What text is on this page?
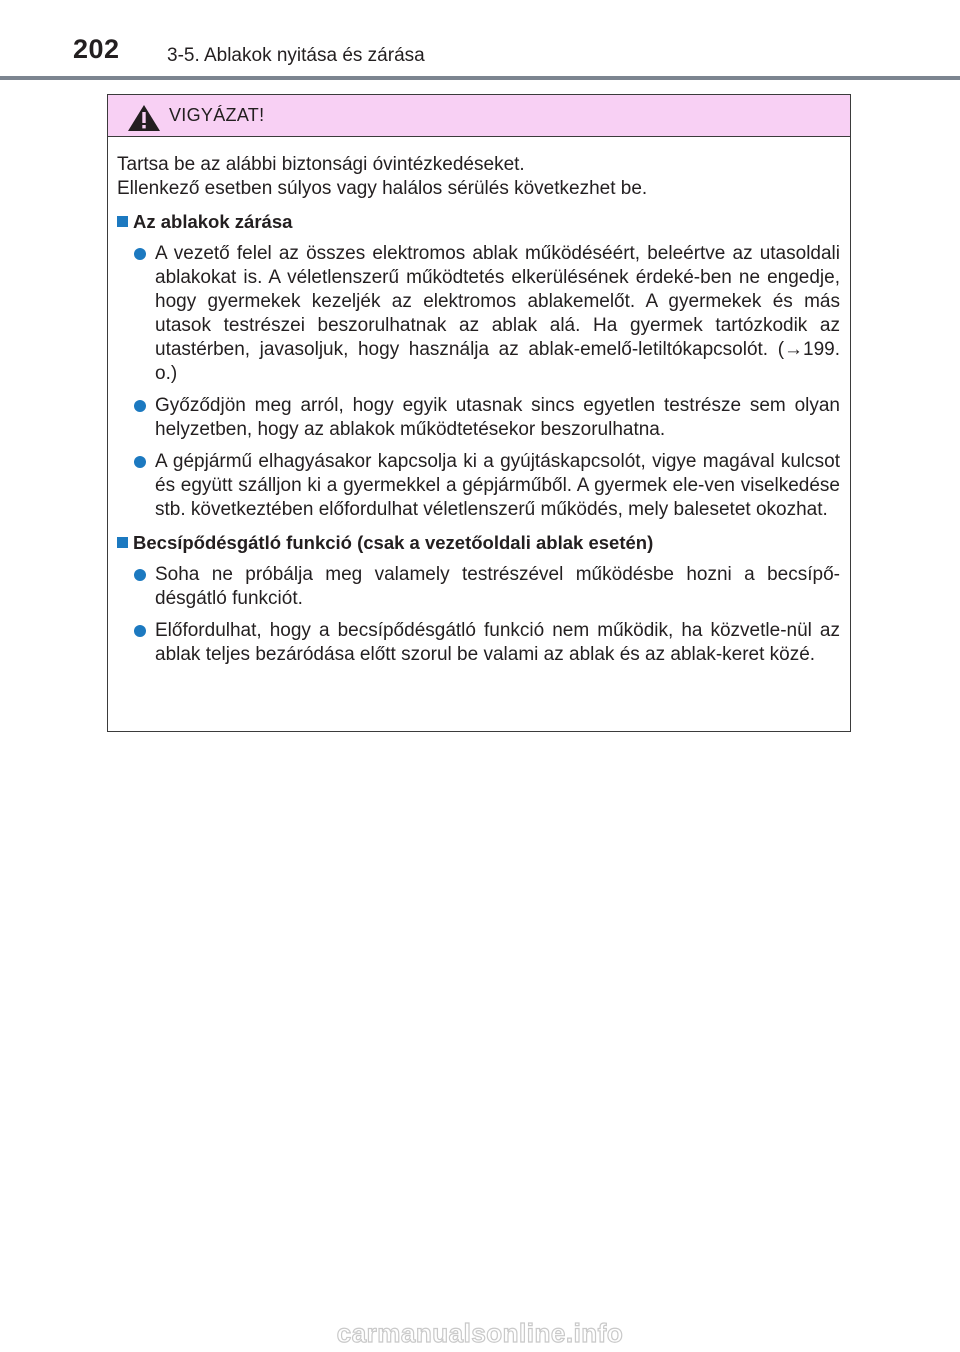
202 3-5. Ablakok nyitása és zárása
VIGYÁZAT!

Tartsa be az alábbi biztonsági óvintézkedéseket.

Ellenkező esetben súlyos vagy halálos sérülés következhet be.

Az ablakok zárása
A vezető felel az összes elektromos ablak működéséért, beleértve az utasoldali ablakokat is. A véletlenszerű működtetés elkerülésének érdeké-ben ne engedje, hogy gyermekek kezeljék az elektromos ablakemelőt. A gyermekek és más utasok testrészei beszorulhatnak az ablak alá. Ha gyermek tartózkodik az utastérben, javasoljuk, hogy használja az ablak-emelő-letiltókapcsolót. (→199. o.)
Győződjön meg arról, hogy egyik utasnak sincs egyetlen testrésze sem olyan helyzetben, hogy az ablakok működtetésekor beszorulhatna.
A gépjármű elhagyásakor kapcsolja ki a gyújtáskapcsolót, vigye magával kulcsot és együtt szálljon ki a gyermekkel a gépjárműből. A gyermek ele-ven viselkedése stb. következtében előfordulhat véletlenszerű működés, mely balesetet okozhat.
Becsípődésgátló funkció (csak a vezetőoldali ablak esetén)
Soha ne próbálja meg valamely testrészével működésbe hozni a becsípő-désgátló funkciót.
Előfordulhat, hogy a becsípődésgátló funkció nem működik, ha közvetle-nül az ablak teljes bezáródása előtt szorul be valami az ablak és az ablak-keret közé.
carmanualsonline.info
